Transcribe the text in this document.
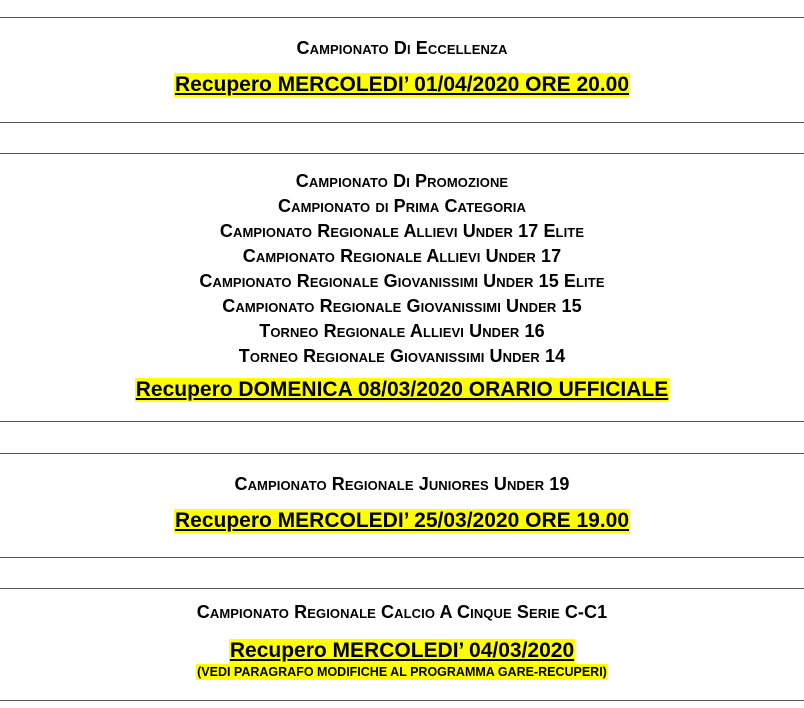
Campionato Di Eccellenza
Recupero MERCOLEDI’ 01/04/2020 ORE 20.00
Campionato Di Promozione
Campionato di Prima Categoria
Campionato Regionale Allievi Under 17 Elite
Campionato Regionale Allievi Under 17
Campionato Regionale Giovanissimi Under 15 Elite
Campionato Regionale Giovanissimi Under 15
Torneo Regionale Allievi Under 16
Torneo Regionale Giovanissimi Under 14
Recupero DOMENICA 08/03/2020 ORARIO UFFICIALE
Campionato Regionale Juniores Under 19
Recupero MERCOLEDI’ 25/03/2020 ORE 19.00
Campionato Regionale Calcio A Cinque Serie C-C1
Recupero MERCOLEDI’ 04/03/2020
(VEDI PARAGRAFO MODIFICHE AL PROGRAMMA GARE-RECUPERI)
